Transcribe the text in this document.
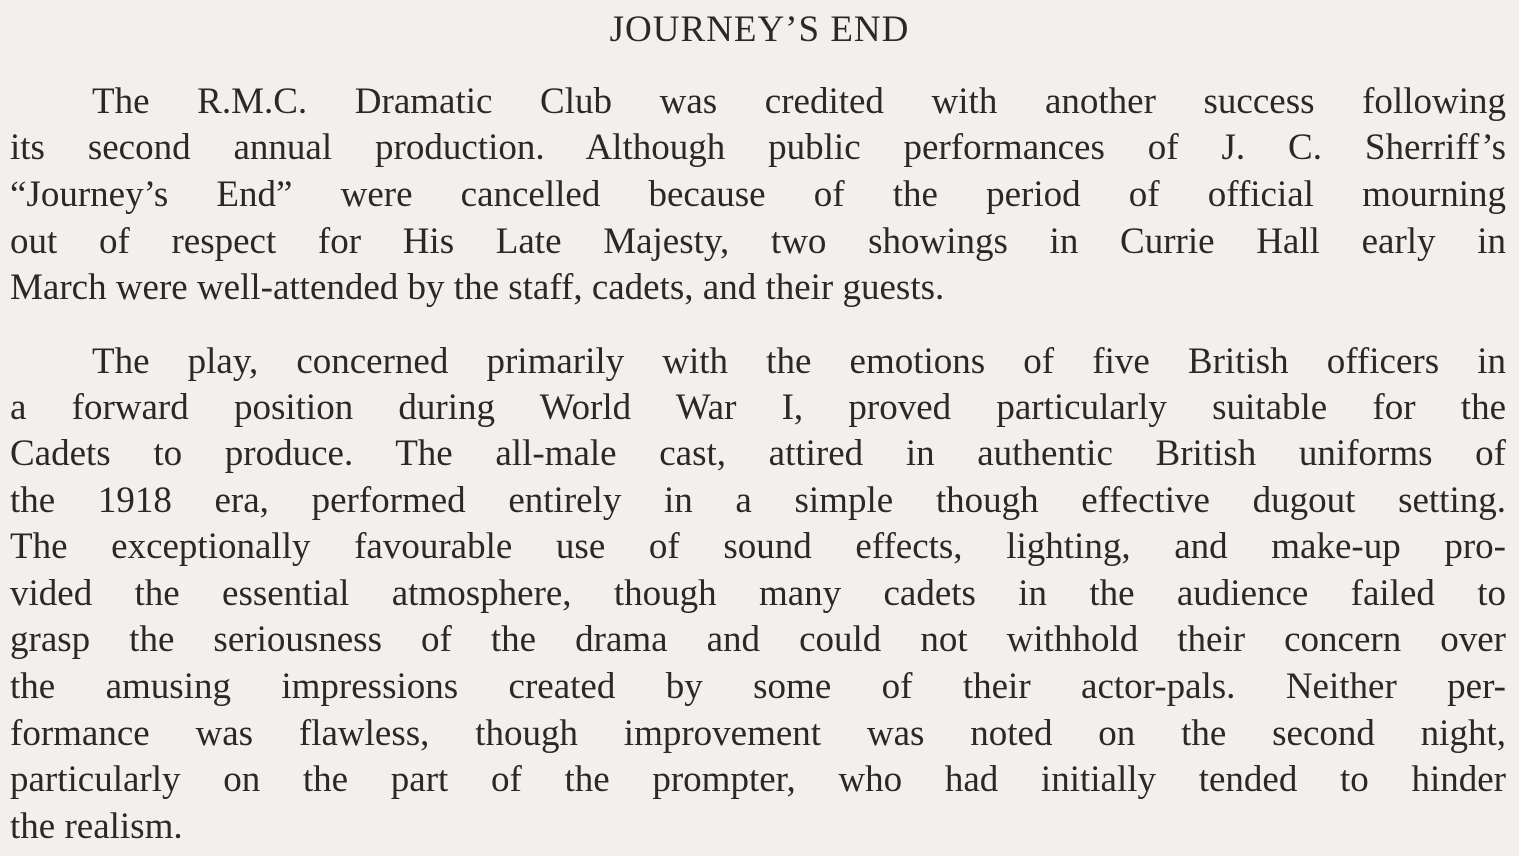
JOURNEY’S END
The R.M.C. Dramatic Club was credited with another success following
its second annual production. Although public performances of J. C. Sherriff’s
“Journey’s End” were cancelled because of the period of official mourning
out of respect for His Late Majesty, two showings in Currie Hall early in
March were well-attended by the staff, cadets, and their guests.
The play, concerned primarily with the emotions of five British officers in
a forward position during World War I, proved particularly suitable for the
Cadets to produce. The all-male cast, attired in authentic British uniforms of
the 1918 era, performed entirely in a simple though effective dugout setting.
The exceptionally favourable use of sound effects, lighting, and make-up pro-
vided the essential atmosphere, though many cadets in the audience failed to
grasp the seriousness of the drama and could not withhold their concern over
the amusing impressions created by some of their actor-pals. Neither per-
formance was flawless, though improvement was noted on the second night,
particularly on the part of the prompter, who had initially tended to hinder
the realism.
